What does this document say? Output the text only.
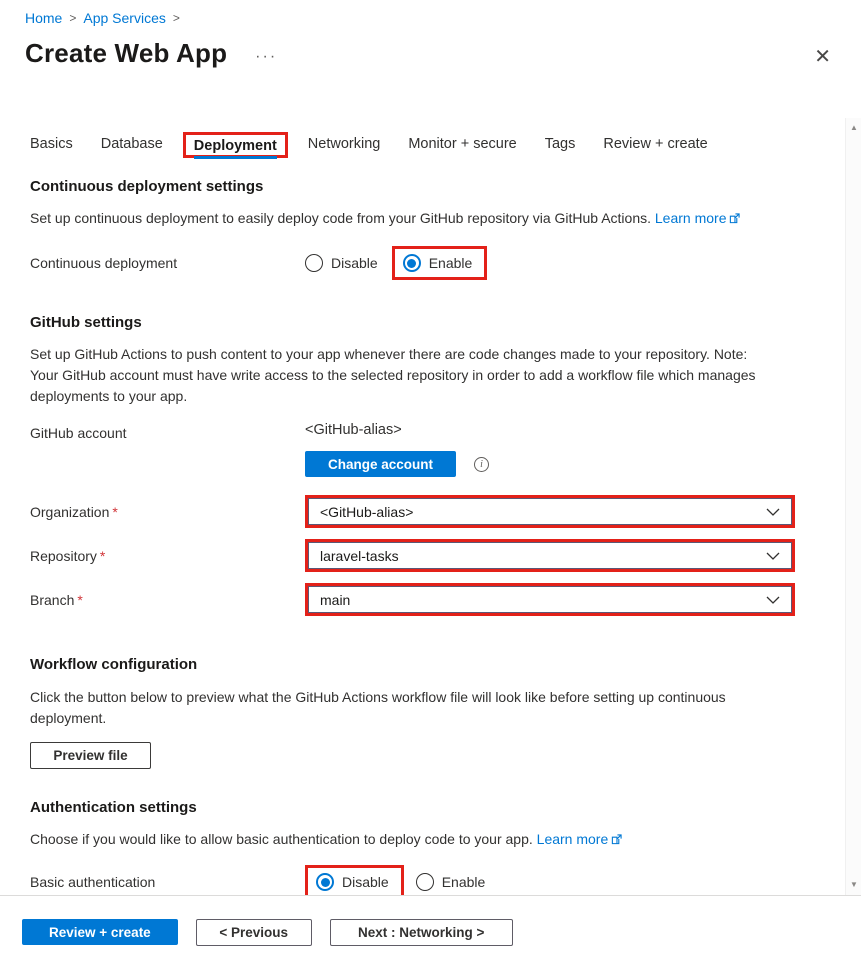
Home > App Services >
Create Web App ···	✕
▲
▼
Basics Database	Deployment	Networking Monitor + secure Tags Review + create
Continuous deployment settings
Set up continuous deployment to easily deploy code from your GitHub repository via GitHub Actions. Learn more
Continuous deployment	Disable	Enable
GitHub settings
Set up GitHub Actions to push content to your app whenever there are code changes made to your repository. Note: Your GitHub account must have write access to the selected repository in order to add a workflow file which manages deployments to your app.
GitHub account	<GitHub-alias>
Change account	i
Organization *	<GitHub-alias>
Repository *	laravel-tasks
Branch *	main
Workflow configuration
Click the button below to preview what the GitHub Actions workflow file will look like before setting up continuous deployment.
Preview file
Authentication settings
Choose if you would like to allow basic authentication to deploy code to your app. Learn more
Basic authentication	Disable	Enable
Review + create	< Previous	Next : Networking >
